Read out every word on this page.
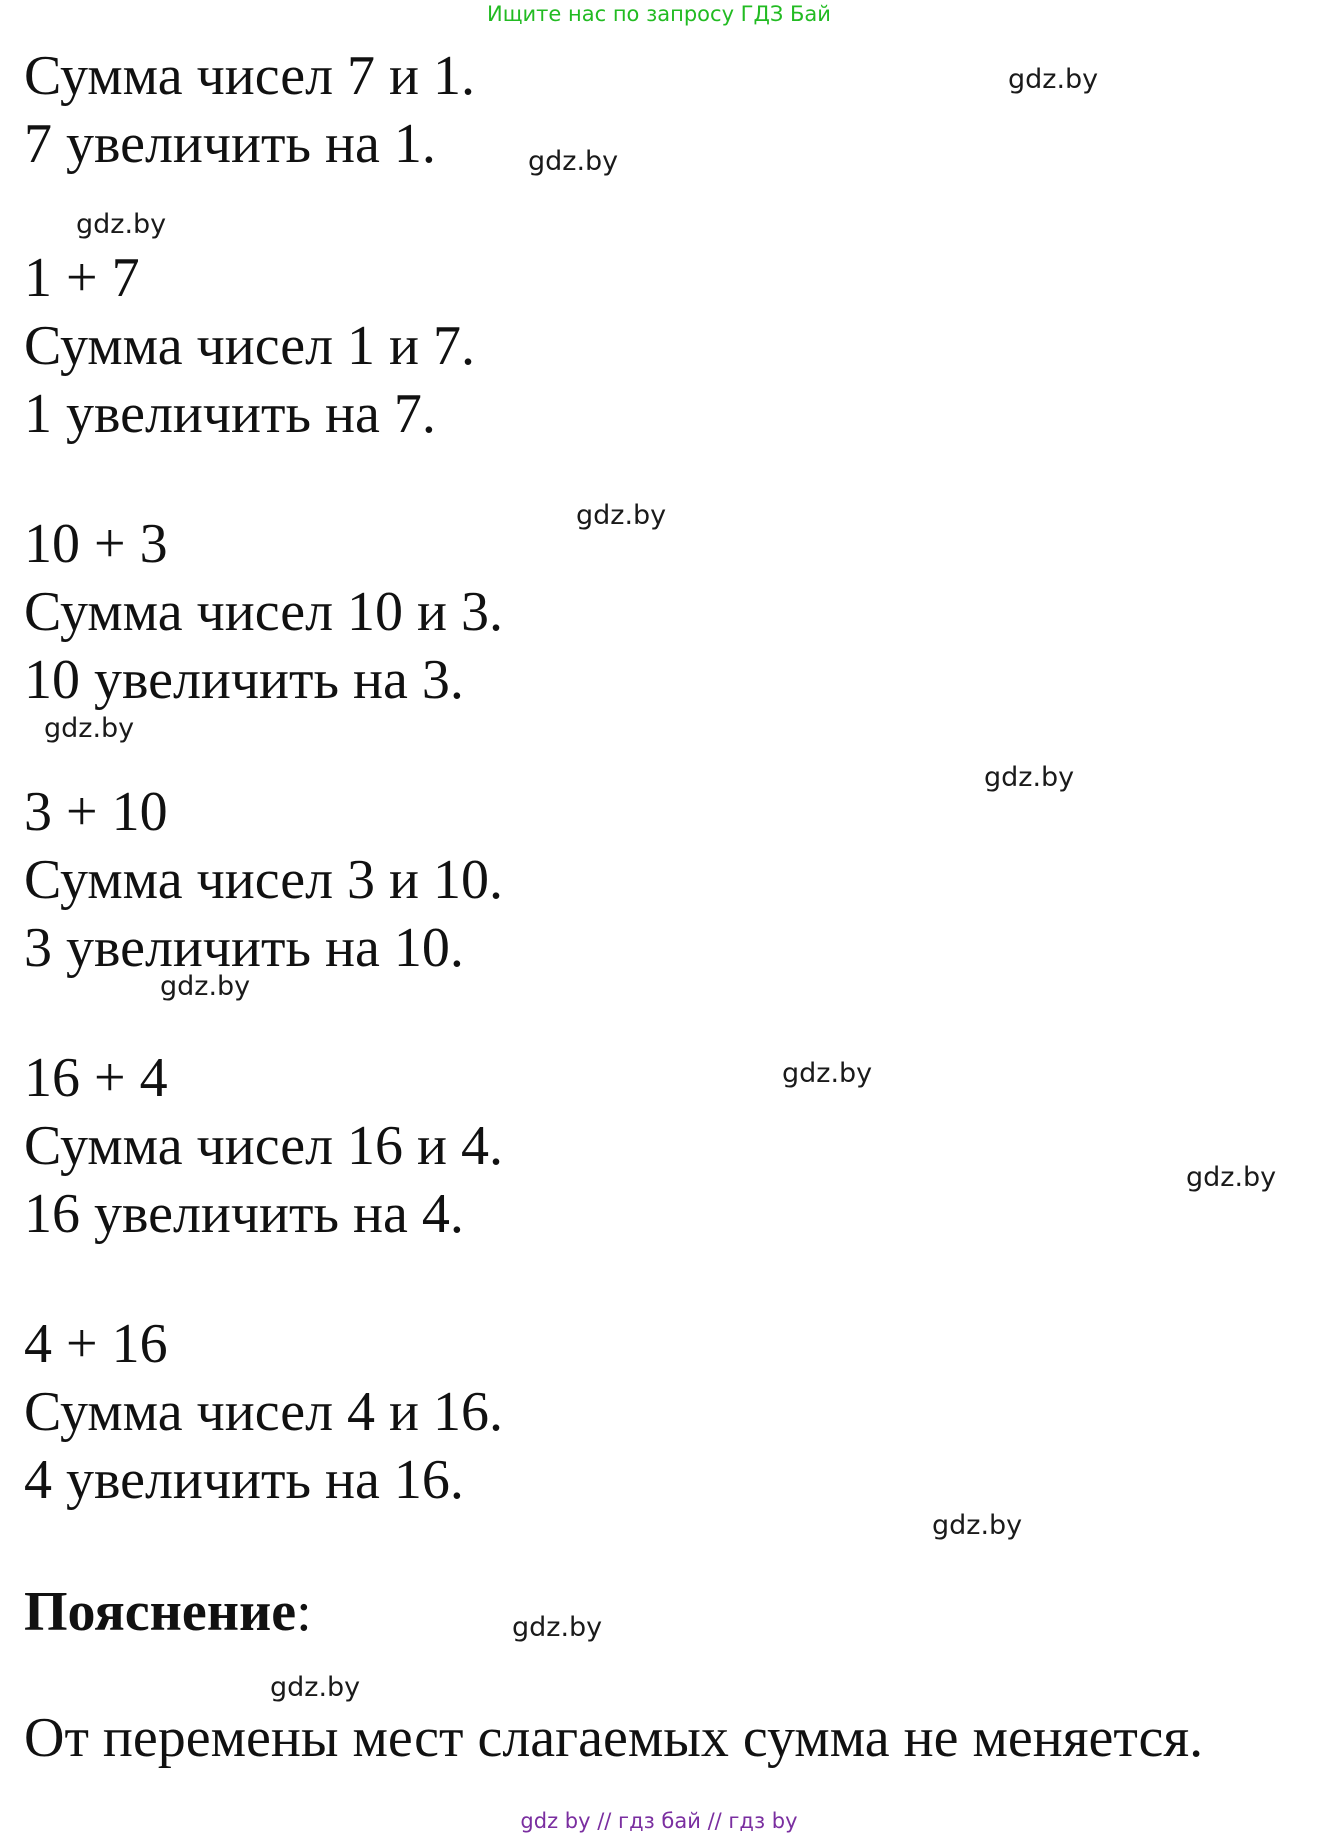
Ищите нас по запросу ГДЗ Бай
Сумма чисел 7 и 1.
7 увеличить на 1.
1 + 7
Сумма чисел 1 и 7.
1 увеличить на 7.
10 + 3
Сумма чисел 10 и 3.
10 увеличить на 3.
3 + 10
Сумма чисел 3 и 10.
3 увеличить на 10.
16 + 4
Сумма чисел 16 и 4.
16 увеличить на 4.
4 + 16
Сумма чисел 4 и 16.
4 увеличить на 16.
Пояснение:
От перемены мест слагаемых сумма не меняется.
gdz.by
gdz.by
gdz.by
gdz.by
gdz.by
gdz.by
gdz.by
gdz.by
gdz.by
gdz.by
gdz.by
gdz.by
gdz by // гдз бай // гдз by
